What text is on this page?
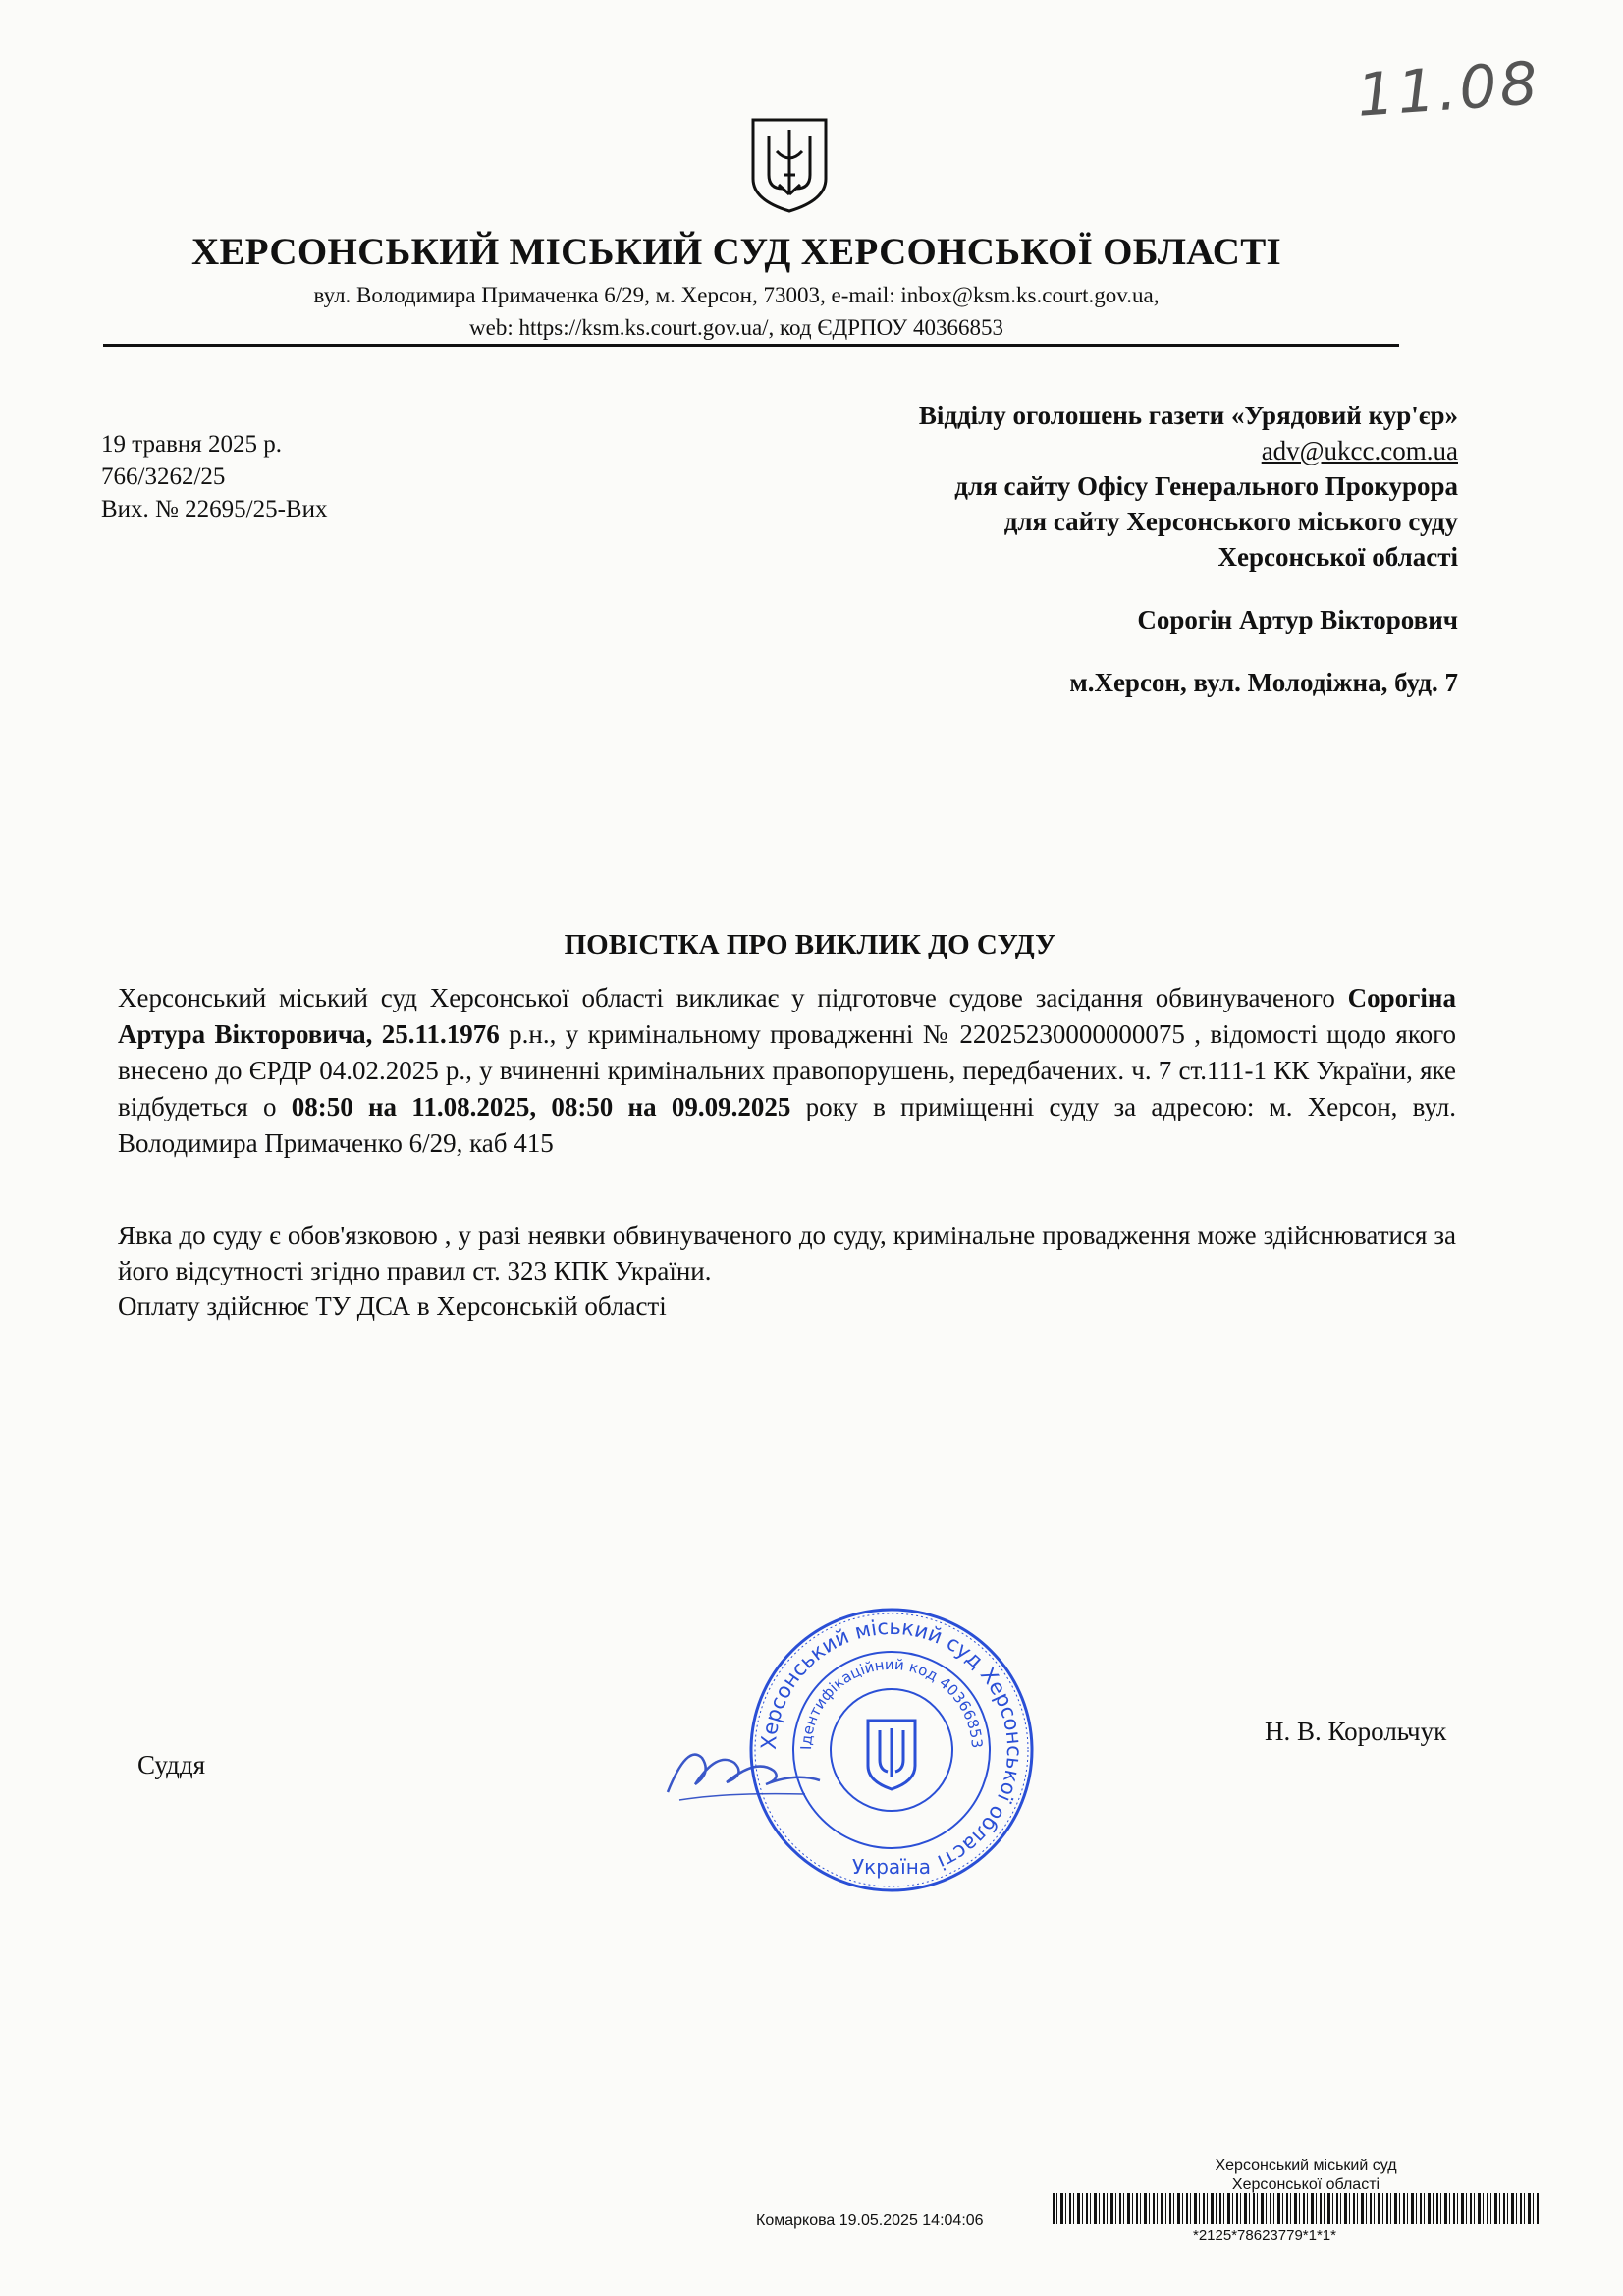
11.08
ХЕРСОНСЬКИЙ МІСЬКИЙ СУД ХЕРСОНСЬКОЇ ОБЛАСТІ
вул. Володимира Примаченка 6/29, м. Херсон, 73003, e-mail: inbox@ksm.ks.court.gov.ua,
web: https://ksm.ks.court.gov.ua/, код ЄДРПОУ 40366853
19 травня 2025 р.
766/3262/25
Вих. № 22695/25-Вих
Відділу оголошень газети «Урядовий кур'єр»
adv@ukcc.com.ua
для сайту Офісу Генерального Прокурора
для сайту Херсонського міського суду
Херсонської області
Сорогін Артур Вікторович
м.Херсон, вул. Молодіжна, буд. 7
ПОВІСТКА ПРО ВИКЛИК ДО СУДУ

Херсонський міський суд Херсонської області викликає у підготовче судове засідання обвинуваченого Сорогіна Артура Вікторовича, 25.11.1976 р.н., у кримінальному провадженні № 22025230000000075 , відомості щодо якого внесено до ЄРДР 04.02.2025 р., у вчиненні кримінальних правопорушень, передбачених. ч. 7 ст.111-1 КК України, яке відбудеться о 08:50 на 11.08.2025, 08:50 на 09.09.2025 року в приміщенні суду за адресою: м. Херсон, вул. Володимира Примаченко 6/29, каб 415

Явка до суду є обов'язковою , у разі неявки обвинуваченого до суду, кримінальне провадження може здійснюватися за його відсутності згідно правил ст. 323 КПК України.
Оплату здійснює ТУ ДСА в Херсонській області
Суддя
Херсонський міський суд Херсонської області
Ідентифікаційний код 40366853
Україна
Н. В. Корольчук
Херсонський міський суд
Херсонської області
Комаркова 19.05.2025 14:04:06
*2125*78623779*1*1*
